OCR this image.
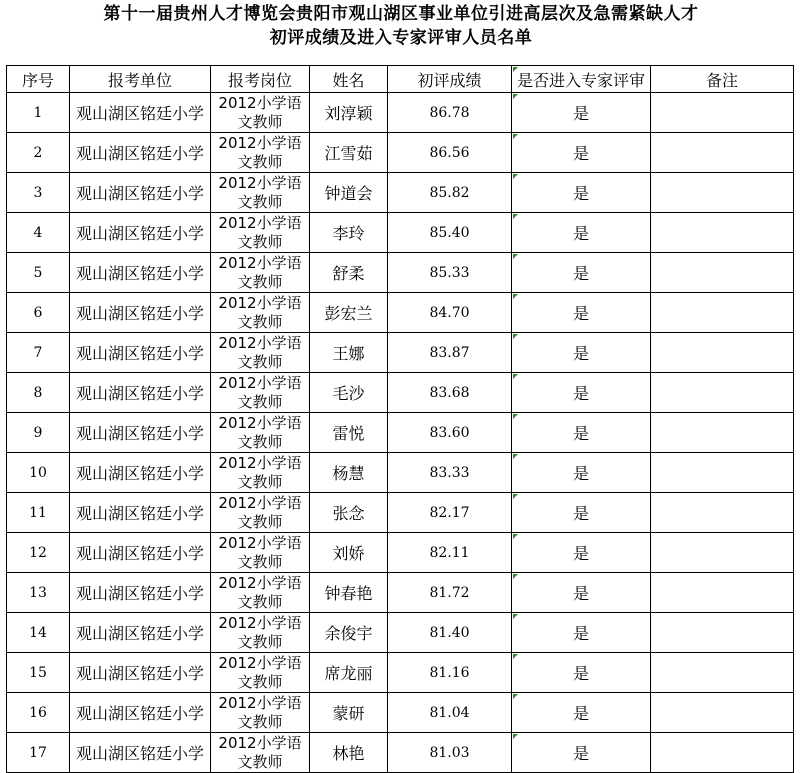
第十一届贵州人才博览会贵阳市观山湖区事业单位引进高层次及急需紧缺人才
初评成绩及进入专家评审人员名单
序号	报考单位	报考岗位	姓名	初评成绩	是否进入专家评审	备注
1	观山湖区铭廷小学	2012小学语文教师	刘淳颖	86.78	是	
2	观山湖区铭廷小学	2012小学语文教师	江雪茹	86.56	是	
3	观山湖区铭廷小学	2012小学语文教师	钟道会	85.82	是	
4	观山湖区铭廷小学	2012小学语文教师	李玲	85.40	是	
5	观山湖区铭廷小学	2012小学语文教师	舒柔	85.33	是	
6	观山湖区铭廷小学	2012小学语文教师	彭宏兰	84.70	是	
7	观山湖区铭廷小学	2012小学语文教师	王娜	83.87	是	
8	观山湖区铭廷小学	2012小学语文教师	毛沙	83.68	是	
9	观山湖区铭廷小学	2012小学语文教师	雷悦	83.60	是	
10	观山湖区铭廷小学	2012小学语文教师	杨慧	83.33	是	
11	观山湖区铭廷小学	2012小学语文教师	张念	82.17	是	
12	观山湖区铭廷小学	2012小学语文教师	刘娇	82.11	是	
13	观山湖区铭廷小学	2012小学语文教师	钟春艳	81.72	是	
14	观山湖区铭廷小学	2012小学语文教师	余俊宇	81.40	是	
15	观山湖区铭廷小学	2012小学语文教师	席龙丽	81.16	是	
16	观山湖区铭廷小学	2012小学语文教师	蒙研	81.04	是	
17	观山湖区铭廷小学	2012小学语文教师	林艳	81.03	是	
